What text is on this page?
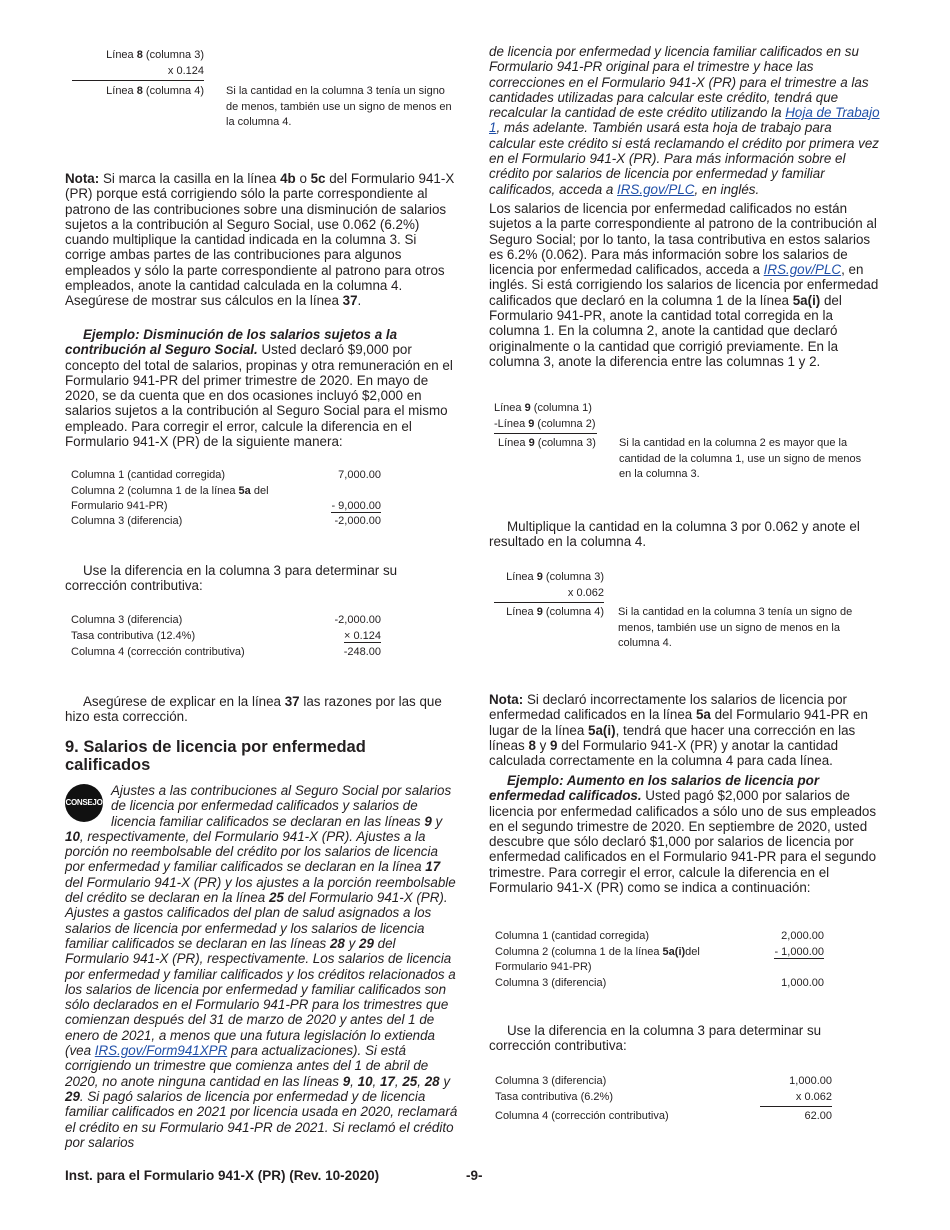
Línea 8 (columna 3)
x 0.124
Línea 8 (columna 4) Si la cantidad en la columna 3 tenía un signo de menos, también use un signo de menos en la columna 4.

Nota: Si marca la casilla en la línea 4b o 5c del Formulario 941-X (PR) porque está corrigiendo sólo la parte correspondiente al patrono de las contribuciones sobre una disminución de salarios sujetos a la contribución al Seguro Social, use 0.062 (6.2%) cuando multiplique la cantidad indicada en la columna 3. Si corrige ambas partes de las contribuciones para algunos empleados y sólo la parte correspondiente al patrono para otros empleados, anote la cantidad calculada en la columna 4. Asegúrese de mostrar sus cálculos en la línea 37.

Ejemplo: Disminución de los salarios sujetos a la contribución al Seguro Social. Usted declaró $9,000 por concepto del total de salarios, propinas y otra remuneración en el Formulario 941-PR del primer trimestre de 2020. En mayo de 2020, se da cuenta que en dos ocasiones incluyó $2,000 en salarios sujetos a la contribución al Seguro Social para el mismo empleado. Para corregir el error, calcule la diferencia en el Formulario 941-X (PR) de la siguiente manera:

Columna 1 (cantidad corregida)	7,000.00
Columna 2 (columna 1 de la línea 5a del
Formulario 941-PR)	- 9,000.00
Columna 3 (diferencia)	-2,000.00

Use la diferencia en la columna 3 para determinar su corrección contributiva:

Columna 3 (diferencia)	-2,000.00
Tasa contributiva (12.4%)	× 0.124
Columna 4 (corrección contributiva)	-248.00

Asegúrese de explicar en la línea 37 las razones por las que hizo esta corrección.

9. Salarios de licencia por enfermedad calificados
CONSEJO

Ajustes a las contribuciones al Seguro Social por salarios de licencia por enfermedad calificados y salarios de licencia familiar calificados se declaran en las líneas 9 y 10, respectivamente, del Formulario 941-X (PR). Ajustes a la porción no reembolsable del crédito por los salarios de licencia por enfermedad y familiar calificados se declaran en la línea 17 del Formulario 941-X (PR) y los ajustes a la porción reembolsable del crédito se declaran en la línea 25 del Formulario 941-X (PR). Ajustes a gastos calificados del plan de salud asignados a los salarios de licencia por enfermedad y los salarios de licencia familiar calificados se declaran en las líneas 28 y 29 del Formulario 941-X (PR), respectivamente. Los salarios de licencia por enfermedad y familiar calificados y los créditos relacionados a los salarios de licencia por enfermedad y familiar calificados son sólo declarados en el Formulario 941-PR para los trimestres que comienzan después del 31 de marzo de 2020 y antes del 1 de enero de 2021, a menos que una futura legislación lo extienda (vea IRS.gov/Form941XPR para actualizaciones). Si está corrigiendo un trimestre que comienza antes del 1 de abril de 2020, no anote ninguna cantidad en las líneas 9, 10, 17, 25, 28 y 29. Si pagó salarios de licencia por enfermedad y de licencia familiar calificados en 2021 por licencia usada en 2020, reclamará el crédito en su Formulario 941-PR de 2021. Si reclamó el crédito por salarios

de licencia por enfermedad y licencia familiar calificados en su Formulario 941-PR original para el trimestre y hace las correcciones en el Formulario 941-X (PR) para el trimestre a las cantidades utilizadas para calcular este crédito, tendrá que recalcular la cantidad de este crédito utilizando la Hoja de Trabajo 1, más adelante. También usará esta hoja de trabajo para calcular este crédito si está reclamando el crédito por primera vez en el Formulario 941-X (PR). Para más información sobre el crédito por salarios de licencia por enfermedad y familiar calificados, acceda a IRS.gov/PLC, en inglés.

Los salarios de licencia por enfermedad calificados no están sujetos a la parte correspondiente al patrono de la contribución al Seguro Social; por lo tanto, la tasa contributiva en estos salarios es 6.2% (0.062). Para más información sobre los salarios de licencia por enfermedad calificados, acceda a IRS.gov/PLC, en inglés. Si está corrigiendo los salarios de licencia por enfermedad calificados que declaró en la columna 1 de la línea 5a(i) del Formulario 941-PR, anote la cantidad total corregida en la columna 1. En la columna 2, anote la cantidad que declaró originalmente o la cantidad que corrigió previamente. En la columna 3, anote la diferencia entre las columnas 1 y 2.

Línea 9 (columna 1)
-Línea 9 (columna 2)
Línea 9 (columna 3) Si la cantidad en la columna 2 es mayor que la cantidad de la columna 1, use un signo de menos en la columna 3.

Multiplique la cantidad en la columna 3 por 0.062 y anote el resultado en la columna 4.

Línea 9 (columna 3)
x 0.062
Línea 9 (columna 4) Si la cantidad en la columna 3 tenía un signo de menos, también use un signo de menos en la columna 4.

Nota: Si declaró incorrectamente los salarios de licencia por enfermedad calificados en la línea 5a del Formulario 941-PR en lugar de la línea 5a(i), tendrá que hacer una corrección en las líneas 8 y 9 del Formulario 941-X (PR) y anotar la cantidad calculada correctamente en la columna 4 para cada línea.

Ejemplo: Aumento en los salarios de licencia por enfermedad calificados. Usted pagó $2,000 por salarios de licencia por enfermedad calificados a sólo uno de sus empleados en el segundo trimestre de 2020. En septiembre de 2020, usted descubre que sólo declaró $1,000 por salarios de licencia por enfermedad calificados en el Formulario 941-PR para el segundo trimestre. Para corregir el error, calcule la diferencia en el Formulario 941-X (PR) como se indica a continuación:

Columna 1 (cantidad corregida)	2,000.00
Columna 2 (columna 1 de la línea 5a(i)del	- 1,000.00
Formulario 941-PR)
Columna 3 (diferencia)	1,000.00

Use la diferencia en la columna 3 para determinar su corrección contributiva:

Columna 3 (diferencia)	1,000.00
Tasa contributiva (6.2%)	x 0.062
Columna 4 (corrección contributiva)	62.00
Inst. para el Formulario 941-X (PR) (Rev. 10-2020)	-9-
